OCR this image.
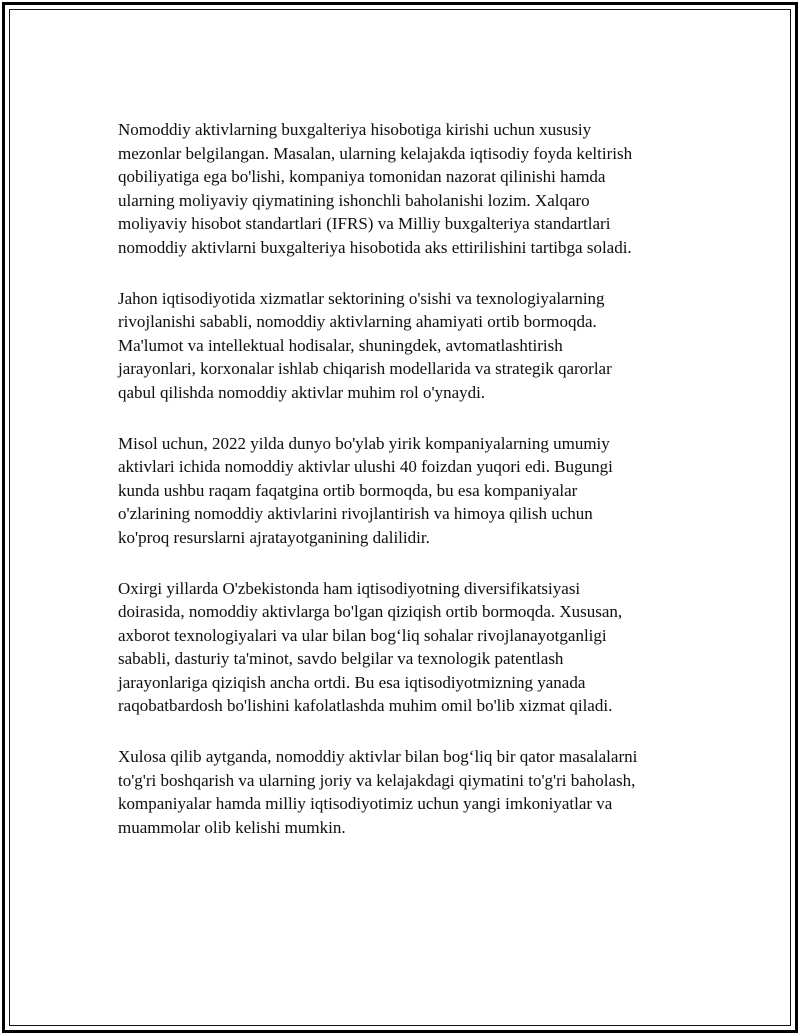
Nomoddiy aktivlarning buxgalteriya hisobotiga kirishi uchun xususiy
mezonlar belgilangan. Masalan, ularning kelajakda iqtisodiy foyda keltirish
qobiliyatiga ega bo'lishi, kompaniya tomonidan nazorat qilinishi hamda
ularning moliyaviy qiymatining ishonchli baholanishi lozim. Xalqaro
moliyaviy hisobot standartlari (IFRS) va Milliy buxgalteriya standartlari
nomoddiy aktivlarni buxgalteriya hisobotida aks ettirilishini tartibga soladi.

Jahon iqtisodiyotida xizmatlar sektorining o'sishi va texnologiyalarning
rivojlanishi sababli, nomoddiy aktivlarning ahamiyati ortib bormoqda.
Ma'lumot va intellektual hodisalar, shuningdek, avtomatlashtirish
jarayonlari, korxonalar ishlab chiqarish modellarida va strategik qarorlar
qabul qilishda nomoddiy aktivlar muhim rol o'ynaydi.

Misol uchun, 2022 yilda dunyo bo'ylab yirik kompaniyalarning umumiy
aktivlari ichida nomoddiy aktivlar ulushi 40 foizdan yuqori edi. Bugungi
kunda ushbu raqam faqatgina ortib bormoqda, bu esa kompaniyalar
o'zlarining nomoddiy aktivlarini rivojlantirish va himoya qilish uchun
ko'proq resurslarni ajratayotganining dalilidir.

Oxirgi yillarda O'zbekistonda ham iqtisodiyotning diversifikatsiyasi
doirasida, nomoddiy aktivlarga bo'lgan qiziqish ortib bormoqda. Xususan,
axborot texnologiyalari va ular bilan bog‘liq sohalar rivojlanayotganligi
sababli, dasturiy ta'minot, savdo belgilar va texnologik patentlash
jarayonlariga qiziqish ancha ortdi. Bu esa iqtisodiyotmizning yanada
raqobatbardosh bo'lishini kafolatlashda muhim omil bo'lib xizmat qiladi.

Xulosa qilib aytganda, nomoddiy aktivlar bilan bog‘liq bir qator masalalarni
to'g'ri boshqarish va ularning joriy va kelajakdagi qiymatini to'g'ri baholash,
kompaniyalar hamda milliy iqtisodiyotimiz uchun yangi imkoniyatlar va
muammolar olib kelishi mumkin.
